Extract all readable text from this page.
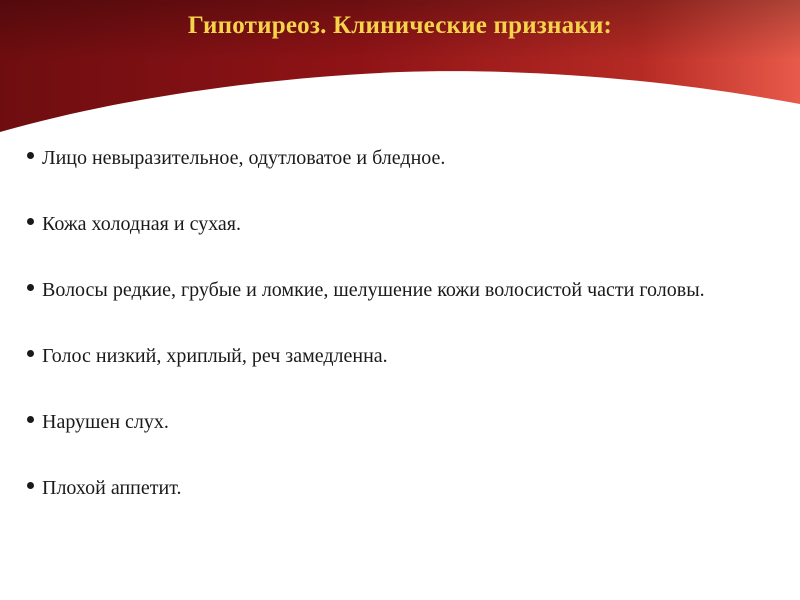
Гипотиреоз. Клинические признаки:
Лицо невыразительное, одутловатое и бледное.
Кожа холодная и сухая.
Волосы редкие, грубые и ломкие, шелушение кожи волосистой части головы.
Голос низкий, хриплый, реч замедленна.
Нарушен слух.
Плохой аппетит.
